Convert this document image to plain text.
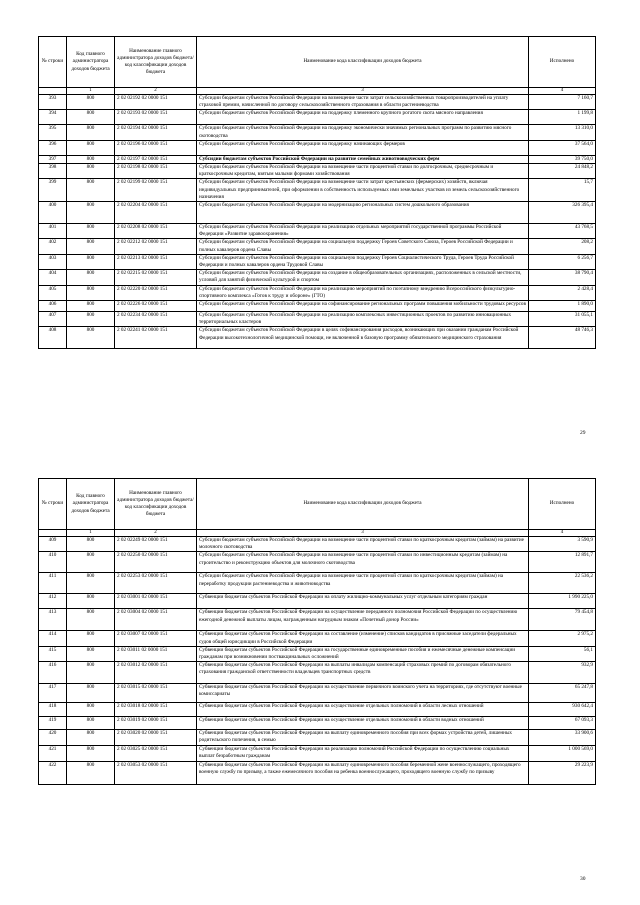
№ строки	Код главного администратора доходов бюджета	Наименование главного администратора доходов бюджета/ код классификации доходов бюджета	Наименование кода классификации доходов бюджета	Исполнено
	1	2	3	4
393	800	2 02 02192 02 0000 151	Субсидии бюджетам субъектов Российской Федерации на возмещение части затрат сельскохозяйственных товаропроизводителей на уплату страховой премии, начисленной по договору сельскохозяйственного страхования в области растениеводства	7 160,7
394	800	2 02 02193 02 0000 151	Субсидии бюджетам субъектов Российской Федерации на поддержку племенного крупного рогатого скота мясного направления	1 199,8
395	800	2 02 02194 02 0000 151	Субсидии бюджетам субъектов Российской Федерации на поддержку экономически значимых региональных программ по развитию мясного скотоводства	13 310,0
396	800	2 02 02196 02 0000 151	Субсидии бюджетам субъектов Российской Федерации на поддержку начинающих фермеров	37 564,0
397	800	2 02 02197 02 0000 151	Субсидии бюджетам субъектов Российской Федерации на развитие семейных животноводческих ферм	39 750,0
398	800	2 02 02198 02 0000 151	Субсидии бюджетам субъектов Российской Федерации на возмещение части процентной ставки по долгосрочным, среднесрочным и краткосрочным кредитам, взятым малыми формами хозяйствования	24 848,2
399	800	2 02 02199 02 0000 151	Субсидии бюджетам субъектов Российской Федерации на возмещение части затрат крестьянских (фермерских) хозяйств, включая индивидуальных предпринимателей, при оформлении в собственность используемых ими земельных участков из земель сельскохозяйственного назначения	15,7
400	800	2 02 02204 02 0000 151	Субсидии бюджетам субъектов Российской Федерации на модернизацию региональных систем дошкольного образования	326 395,4
401	800	2 02 02208 02 0000 151	Субсидии бюджетам субъектов Российской Федерации на реализацию отдельных мероприятий государственной программы Российской Федерации «Развитие здравоохранения»	43 768,5
402	800	2 02 02212 02 0000 151	Субсидии бюджетам субъектов Российской Федерации на социальную поддержку Героев Советского Союза, Героев Российской Федерации и полных кавалеров ордена Славы	208,2
403	800	2 02 02213 02 0000 151	Субсидии бюджетам субъектов Российской Федерации на социальную поддержку Героев Социалистического Труда, Героев Труда Российской Федерации и полных кавалеров ордена Трудовой Славы	6 256,7
404	800	2 02 02215 02 0000 151	Субсидии бюджетам субъектов Российской Федерации на создание в общеобразовательных организациях, расположенных в сельской местности, условий для занятий физической культурой и спортом	38 790,4
405	800	2 02 02220 02 0000 151	Субсидии бюджетам субъектов Российской Федерации на реализацию мероприятий по поэтапному внедрению Всероссийского физкультурно-спортивного комплекса «Готов к труду и обороне» (ГТО)	2 428,4
406	800	2 02 02226 02 0000 151	Субсидии бюджетам субъектов Российской Федерации на софинансирование региональных программ повышения мобильности трудовых ресурсов	1 890,0
407	800	2 02 02234 02 0000 151	Субсидии бюджетам субъектов Российской Федерации на реализацию комплексных инвестиционных проектов по развитию инновационных территориальных кластеров	31 055,1
408	800	2 02 02241 02 0000 151	Субсидии бюджетам субъектов Российской Федерации в целях софинансирования расходов, возникающих при оказании гражданам Российской Федерации высокотехнологичной медицинской помощи, не включенной в базовую программу обязательного медицинского страхования	48 746,3
29
№ строки	Код главного администратора доходов бюджета	Наименование главного администратора доходов бюджета/ код классификации доходов бюджета	Наименование кода классификации доходов бюджета	Исполнено
	1	2	3	4
409	800	2 02 02249 02 0000 151	Субсидии бюджетам субъектов Российской Федерации на возмещение части процентной ставки по краткосрочным кредитам (займам) на развитие молочного скотоводства	3 590,9
410	800	2 02 02250 02 0000 151	Субсидии бюджетам субъектов Российской Федерации на возмещение части процентной ставки по инвестиционным кредитам (займам) на строительство и реконструкцию объектов для молочного скотоводства	12 891,7
411	800	2 02 02253 02 0000 151	Субсидии бюджетам субъектов Российской Федерации на возмещение части процентной ставки по краткосрочным кредитам (займам) на переработку продукции растениеводства и животноводства	22 536,2
412	800	2 02 03001 02 0000 151	Субвенции бюджетам субъектов Российской Федерации на оплату жилищно-коммунальных услуг отдельным категориям граждан	1 990 225,0
413	800	2 02 03004 02 0000 151	Субвенции бюджетам субъектов Российской Федерации на осуществление переданного полномочия Российской Федерации по осуществлению ежегодной денежной выплаты лицам, награжденным нагрудным знаком «Почетный донор России»	79 454,8
414	800	2 02 03007 02 0000 151	Субвенции бюджетам субъектов Российской Федерации на составление (изменение) списков кандидатов в присяжные заседатели федеральных судов общей юрисдикции в Российской Федерации	2 975,2
415	800	2 02 03011 02 0000 151	Субвенции бюджетам субъектов Российской Федерации на государственные единовременные пособия и ежемесячные денежные компенсации гражданам при возникновении поствакцинальных осложнений	56,1
416	800	2 02 03012 02 0000 151	Субвенции бюджетам субъектов Российской Федерации на выплаты инвалидам компенсаций страховых премий по договорам обязательного страхования гражданской ответственности владельцев транспортных средств	932,9
417	800	2 02 03015 02 0000 151	Субвенции бюджетам субъектов Российской Федерации на осуществление первичного воинского учета на территориях, где отсутствуют военные комиссариаты	65 247,8
418	800	2 02 03018 02 0000 151	Субвенции бюджетам субъектов Российской Федерации на осуществление отдельных полномочий в области лесных отношений	930 642,4
419	800	2 02 03019 02 0000 151	Субвенции бюджетам субъектов Российской Федерации на осуществление отдельных полномочий в области водных отношений	67 093,3
420	800	2 02 03020 02 0000 151	Субвенции бюджетам субъектов Российской Федерации на выплату единовременного пособия при всех формах устройства детей, лишенных родительского попечения, в семью	33 900,6
421	800	2 02 03025 02 0000 151	Субвенции бюджетам субъектов Российской Федерации на реализацию полномочий Российской Федерации по осуществлению социальных выплат безработным гражданам	1 000 569,0
422	800	2 02 03053 02 0000 151	Субвенции бюджетам субъектов Российской Федерации на выплату единовременного пособия беременной жене военнослужащего, проходящего военную службу по призыву, а также ежемесячного пособия на ребенка военнослужащего, проходящего военную службу по призыву	29 223,9
30
